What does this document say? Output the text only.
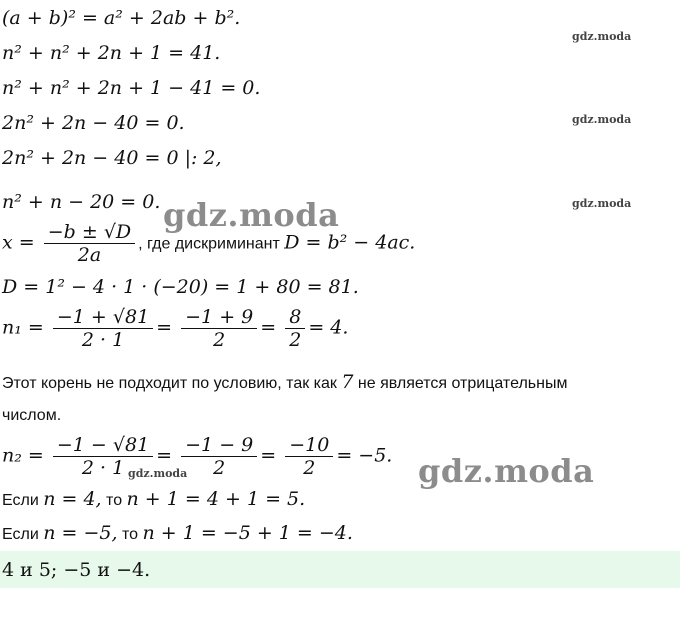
gdz.moda
gdz.moda
gdz.moda
gdz.moda
gdz.moda
gdz.moda
(a + b)² = a² + 2ab + b².
n² + n² + 2n + 1 = 41.
n² + n² + 2n + 1 − 41 = 0.
2n² + 2n − 40 = 0.
2n² + 2n − 40 = 0 |: 2,
n² + n − 20 = 0.
$x = \frac{-b \pm √D}{2a}$ , где дискриминант D = b² − 4ac.
D = 1² − 4 · 1 · (−20) = 1 + 80 = 81.
$n_1 = \frac{-1 + √81}{2 \cdot 1} = \frac{-1 + 9}{2} = \frac{8}{2} = 4$.
Этот корень не подходит по условию, так как 7 не является отрицательным
числом.
$n_2 = \frac{-1 - √81}{2 \cdot 1} = \frac{-1 - 9}{2} = \frac{-10}{2} = -5$.
Если n = 4, то n + 1 = 4 + 1 = 5.
Если n = −5, то n + 1 = −5 + 1 = −4.
4 и 5; −5 и −4.
